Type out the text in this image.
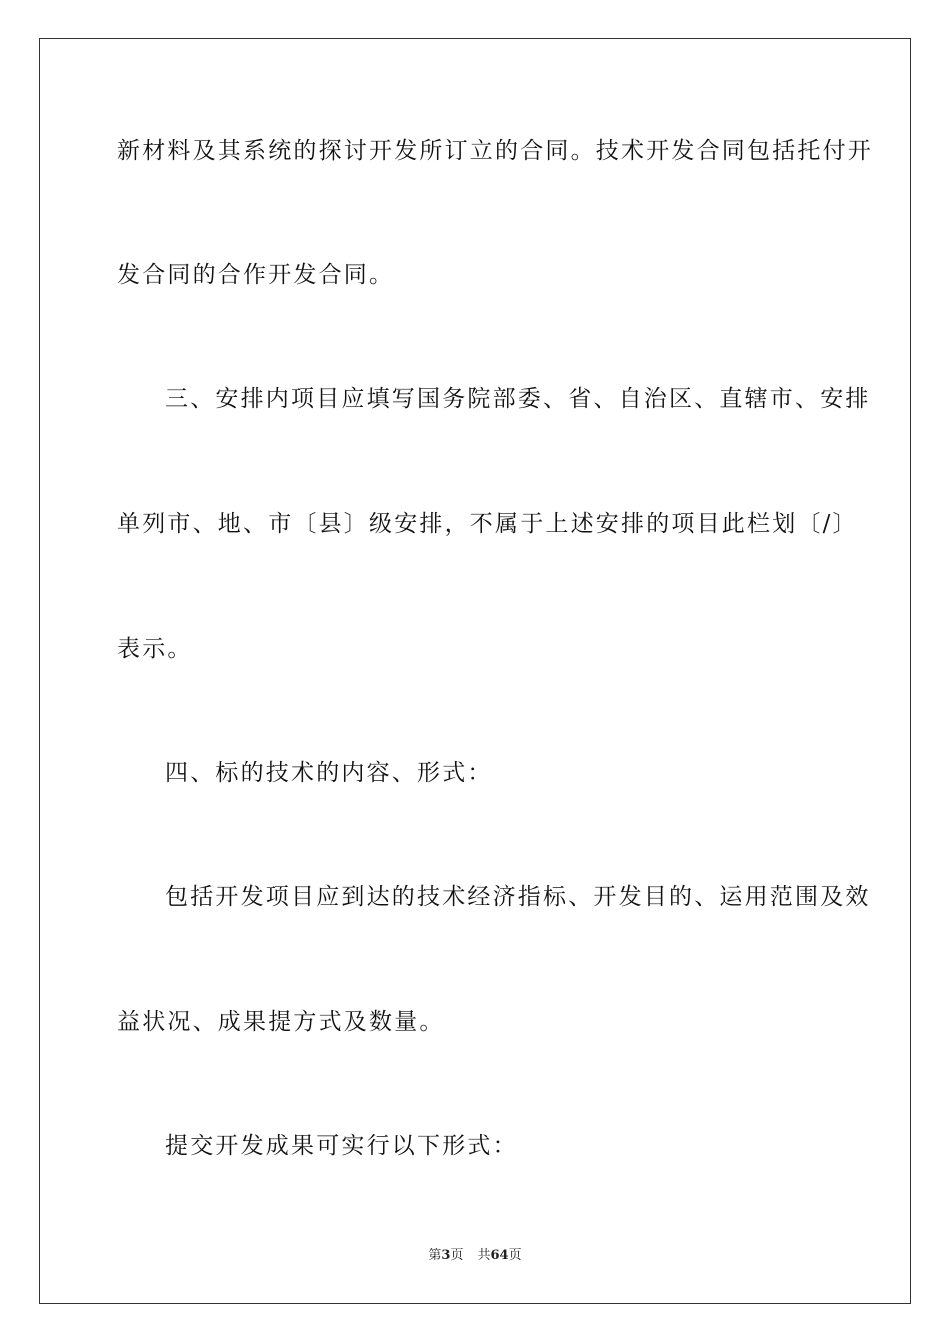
新材料及其系统的探讨开发所订立的合同。技术开发合同包括托付开
发合同的合作开发合同。
三、安排内项目应填写国务院部委、省、自治区、直辖市、安排
单列市、地、市〔县〕级安排，不属于上述安排的项目此栏划〔/〕
表示。
四、标的技术的内容、形式：
包括开发项目应到达的技术经济指标、开发目的、运用范围及效
益状况、成果提方式及数量。
提交开发成果可实行以下形式：
第3页 共64页
